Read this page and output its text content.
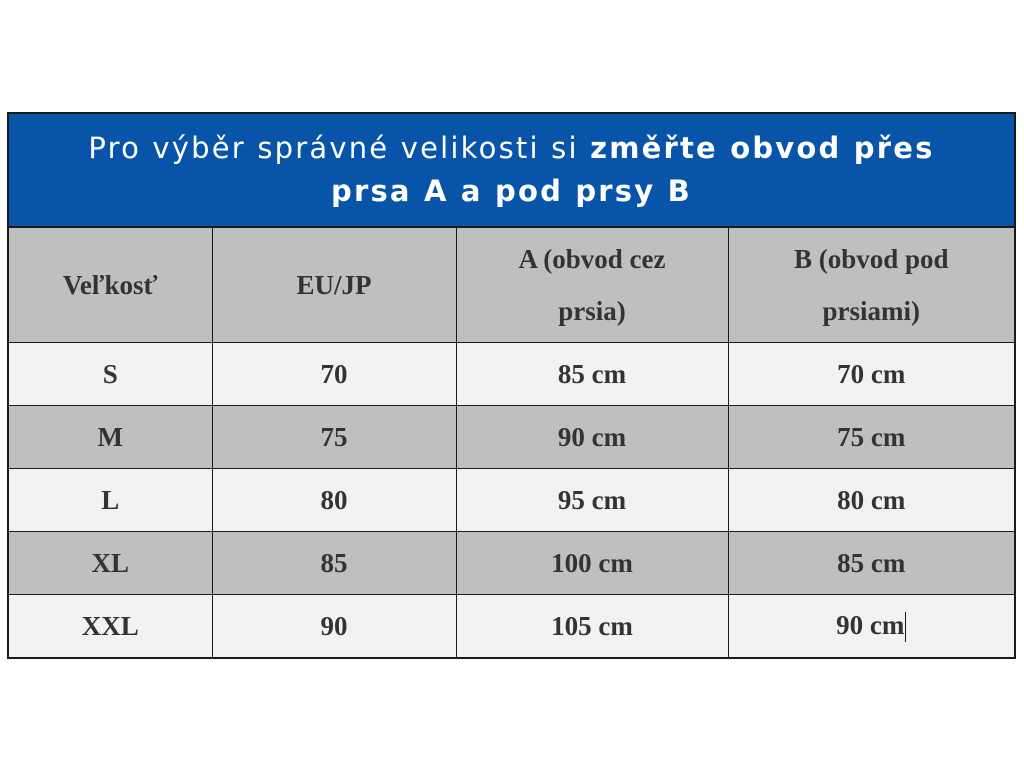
Pro výběr správné velikosti si změřte obvod přes
prsa A a pod prsy B
Veľkosť	EU/JP	A (obvod cez prsia)	B (obvod pod prsiami)
S	70	85 cm	70 cm
M	75	90 cm	75 cm
L	80	95 cm	80 cm
XL	85	100 cm	85 cm
XXL	90	105 cm	90 cm
